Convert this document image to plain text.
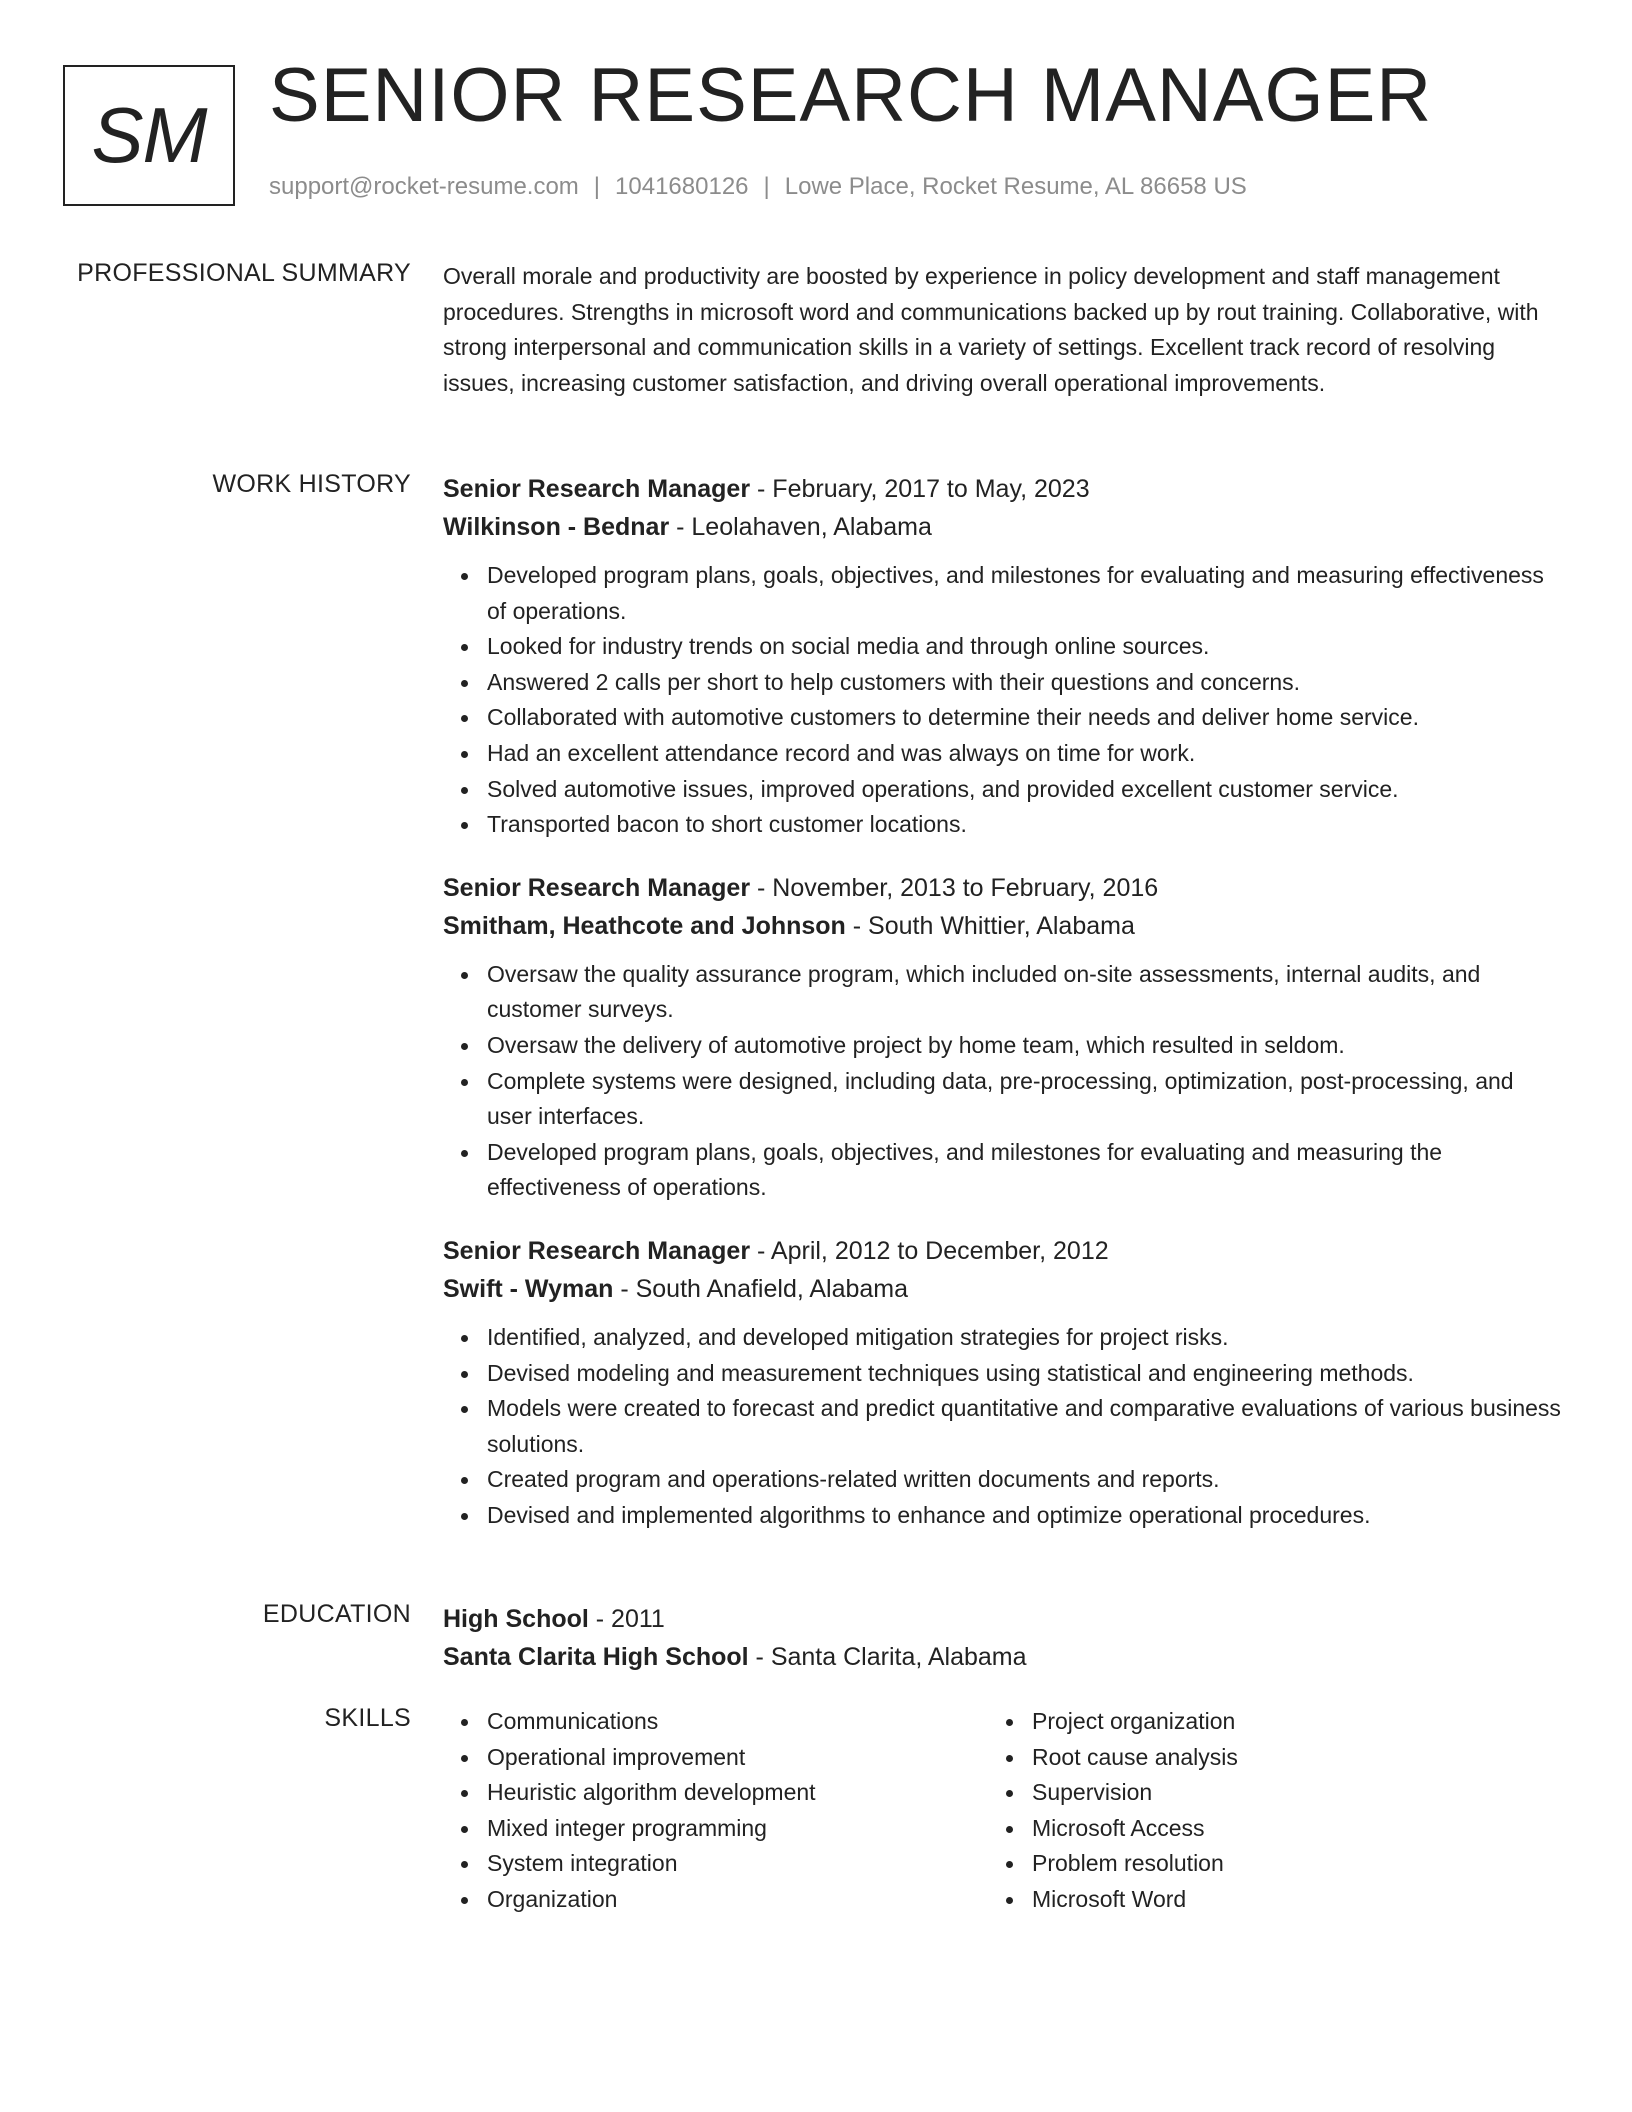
SM SENIOR RESEARCH MANAGER
support@rocket-resume.com | 1041680126 | Lowe Place, Rocket Resume, AL 86658 US
PROFESSIONAL SUMMARY Overall morale and productivity are boosted by experience in policy development and staff management procedures. Strengths in microsoft word and communications backed up by rout training. Collaborative, with strong interpersonal and communication skills in a variety of settings. Excellent track record of resolving issues, increasing customer satisfaction, and driving overall operational improvements.

WORK HISTORY Senior Research Manager - February, 2017 to May, 2023
Wilkinson - Bednar - Leolahaven, Alabama
Developed program plans, goals, objectives, and milestones for evaluating and measuring effectiveness of operations.
Looked for industry trends on social media and through online sources.
Answered 2 calls per short to help customers with their questions and concerns.
Collaborated with automotive customers to determine their needs and deliver home service.
Had an excellent attendance record and was always on time for work.
Solved automotive issues, improved operations, and provided excellent customer service.
Transported bacon to short customer locations.
Senior Research Manager - November, 2013 to February, 2016
Smitham, Heathcote and Johnson - South Whittier, Alabama
Oversaw the quality assurance program, which included on-site assessments, internal audits, and customer surveys.
Oversaw the delivery of automotive project by home team, which resulted in seldom.
Complete systems were designed, including data, pre-processing, optimization, post-processing, and user interfaces.
Developed program plans, goals, objectives, and milestones for evaluating and measuring the effectiveness of operations.
Senior Research Manager - April, 2012 to December, 2012
Swift - Wyman - South Anafield, Alabama
Identified, analyzed, and developed mitigation strategies for project risks.
Devised modeling and measurement techniques using statistical and engineering methods.
Models were created to forecast and predict quantitative and comparative evaluations of various business solutions.
Created program and operations-related written documents and reports.
Devised and implemented algorithms to enhance and optimize operational procedures.
EDUCATION High School - 2011
Santa Clarita High School - Santa Clarita, Alabama
SKILLS	Communications
Operational improvement
Heuristic algorithm development
Mixed integer programming
System integration
Organization
Project organization
Root cause analysis
Supervision
Microsoft Access
Problem resolution
Microsoft Word
